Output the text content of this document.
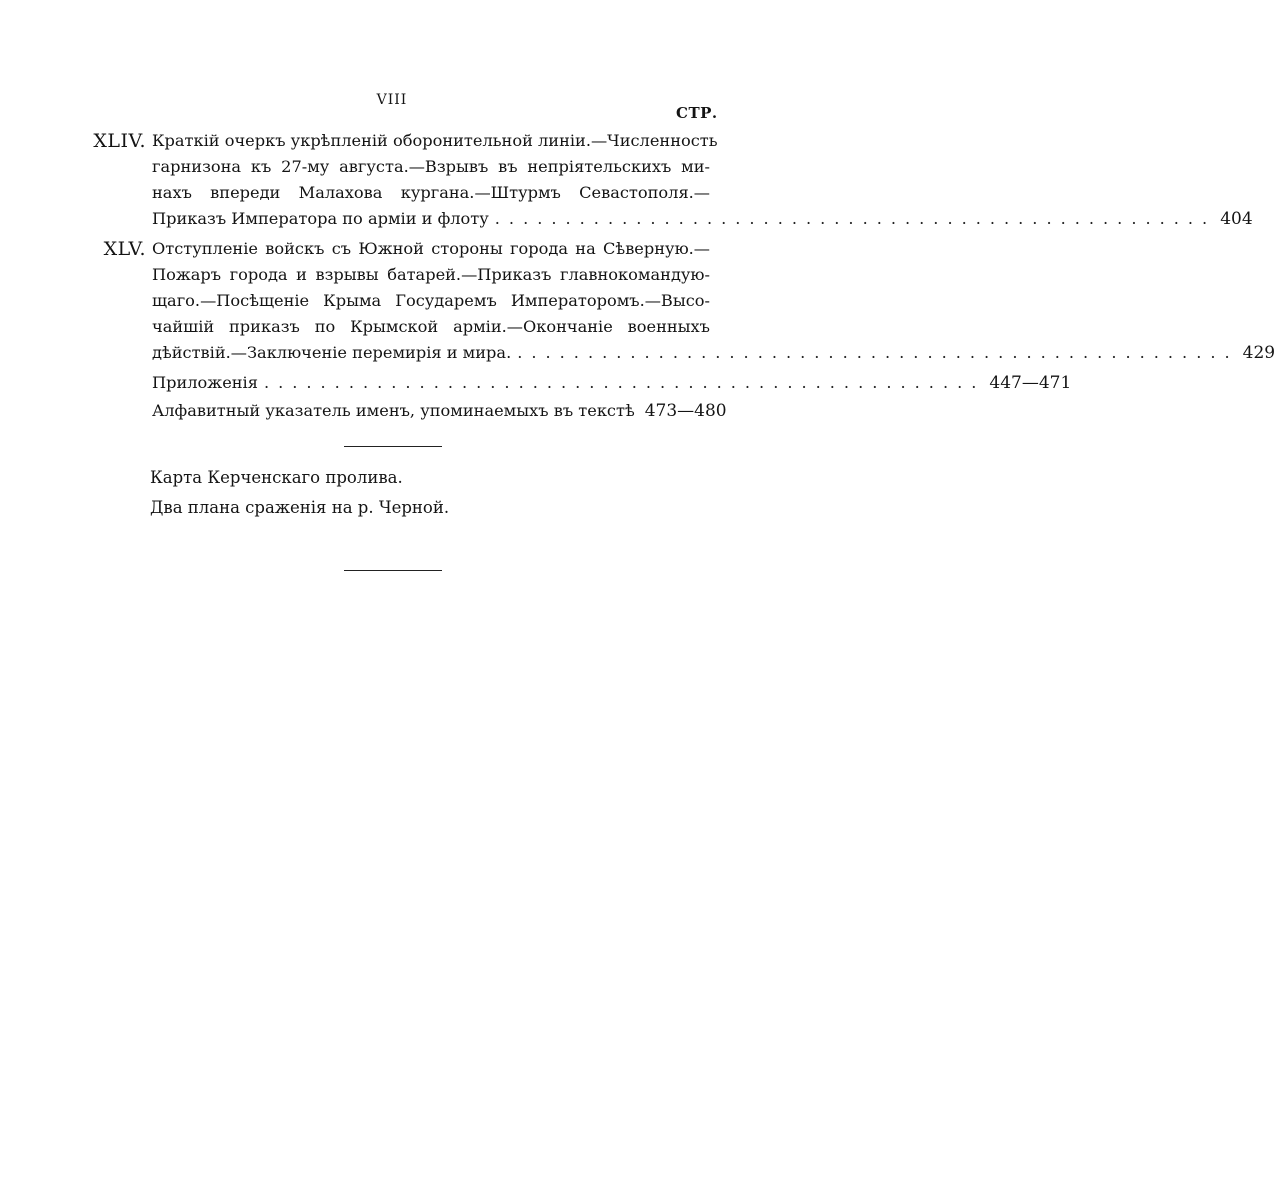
VIII
СТР.
XLIV. Краткій очеркъ укрѣпленій оборонительной линіи.—Численность
гарнизона къ 27-му августа.—Взрывъ въ непріятельскихъ ми-
нахъ впереди Малахова кургана.—Штурмъ Севастополя.—
Приказъ Императора по арміи и флоту ................................................... 404
XLV. Отступленіе войскъ съ Южной стороны города на Сѣверную.—
Пожаръ города и взрывы батарей.—Приказъ главнокомандую-
щаго.—Посѣщеніе Крыма Государемъ Императоромъ.—Высо-
чайшій приказъ по Крымской арміи.—Окончаніе военныхъ
дѣйствій.—Заключеніе перемирія и мира. ................................................... 429
Приложенія ................................................... 447—471
Алфавитный указатель именъ, упоминаемыхъ въ текстѣ 473—480
Карта Керченскаго пролива.
Два плана сраженія на р. Черной.
